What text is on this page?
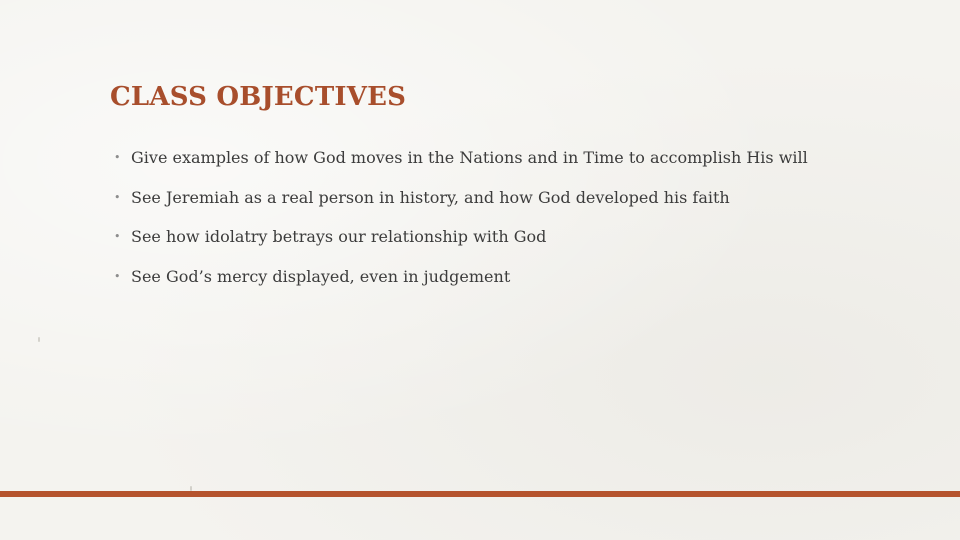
CLASS OBJECTIVES
• Give examples of how God moves in the Nations and in Time to accomplish His will
• See Jeremiah as a real person in history, and how God developed his faith
• See how idolatry betrays our relationship with God
• See God’s mercy displayed, even in judgement
